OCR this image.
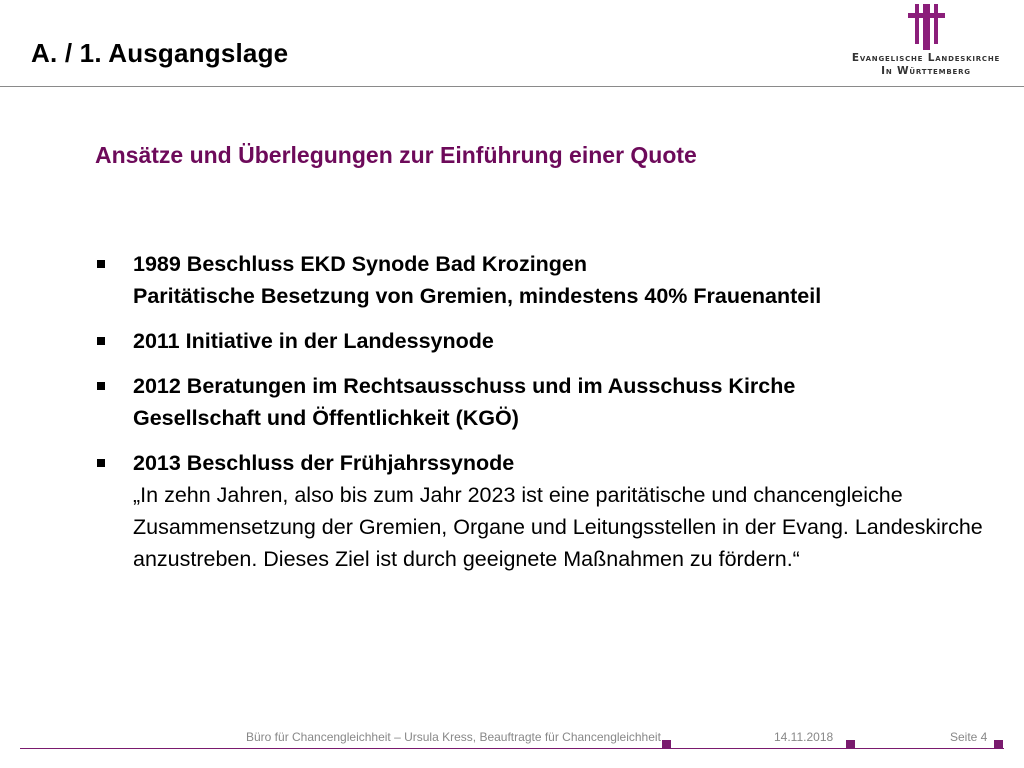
A. / 1. Ausgangslage	Evangelische Landeskirche
In Württemberg
Ansätze und Überlegungen zur Einführung einer Quote
1989 Beschluss EKD Synode Bad Krozingen
Paritätische Besetzung von Gremien, mindestens 40% Frauenanteil
2011 Initiative in der Landessynode
2012 Beratungen im Rechtsausschuss und im Ausschuss Kirche
Gesellschaft und Öffentlichkeit (KGÖ)
2013 Beschluss der Frühjahrssynode
„In zehn Jahren, also bis zum Jahr 2023 ist eine paritätische und chancengleiche Zusammensetzung der Gremien, Organe und Leitungsstellen in der Evang. Landeskirche anzustreben. Dieses Ziel ist durch geeignete Maßnahmen zu fördern.“
Büro für Chancengleichheit – Ursula Kress, Beauftragte für Chancengleichheit	14.11.2018	Seite 4
